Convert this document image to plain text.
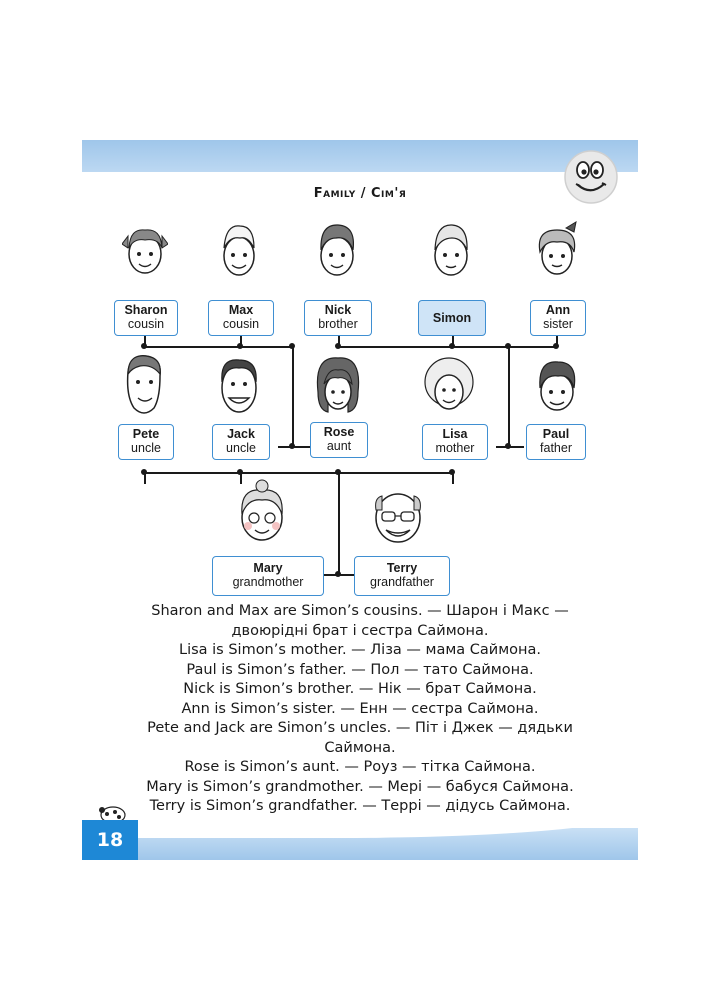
Family / Сім'я
Sharon
cousin
Max
cousin
Nick
brother	Simon
Ann
sister
Pete
uncle
Jack
uncle
Rose
aunt
Lisa
mother
Paul
father
Mary
grandmother
Terry
grandfather

Sharon and Max are Simon’s cousins. — Шарон і Макс —

двоюрідні брат і сестра Саймона.

Lisa is Simon’s mother. — Ліза — мама Саймона.

Paul is Simon’s father. — Пол — тато Саймона.

Nick is Simon’s brother. — Нік — брат Саймона.

Ann is Simon’s sister. — Енн — сестра Саймона.

Pete and Jack are Simon’s uncles. — Піт і Джек — дядьки

Саймона.

Rose is Simon’s aunt. — Роуз — тітка Саймона.

Mary is Simon’s grandmother. — Мері — бабуся Саймона.

Terry is Simon’s grandfather. — Террі — дідусь Саймона.

18
